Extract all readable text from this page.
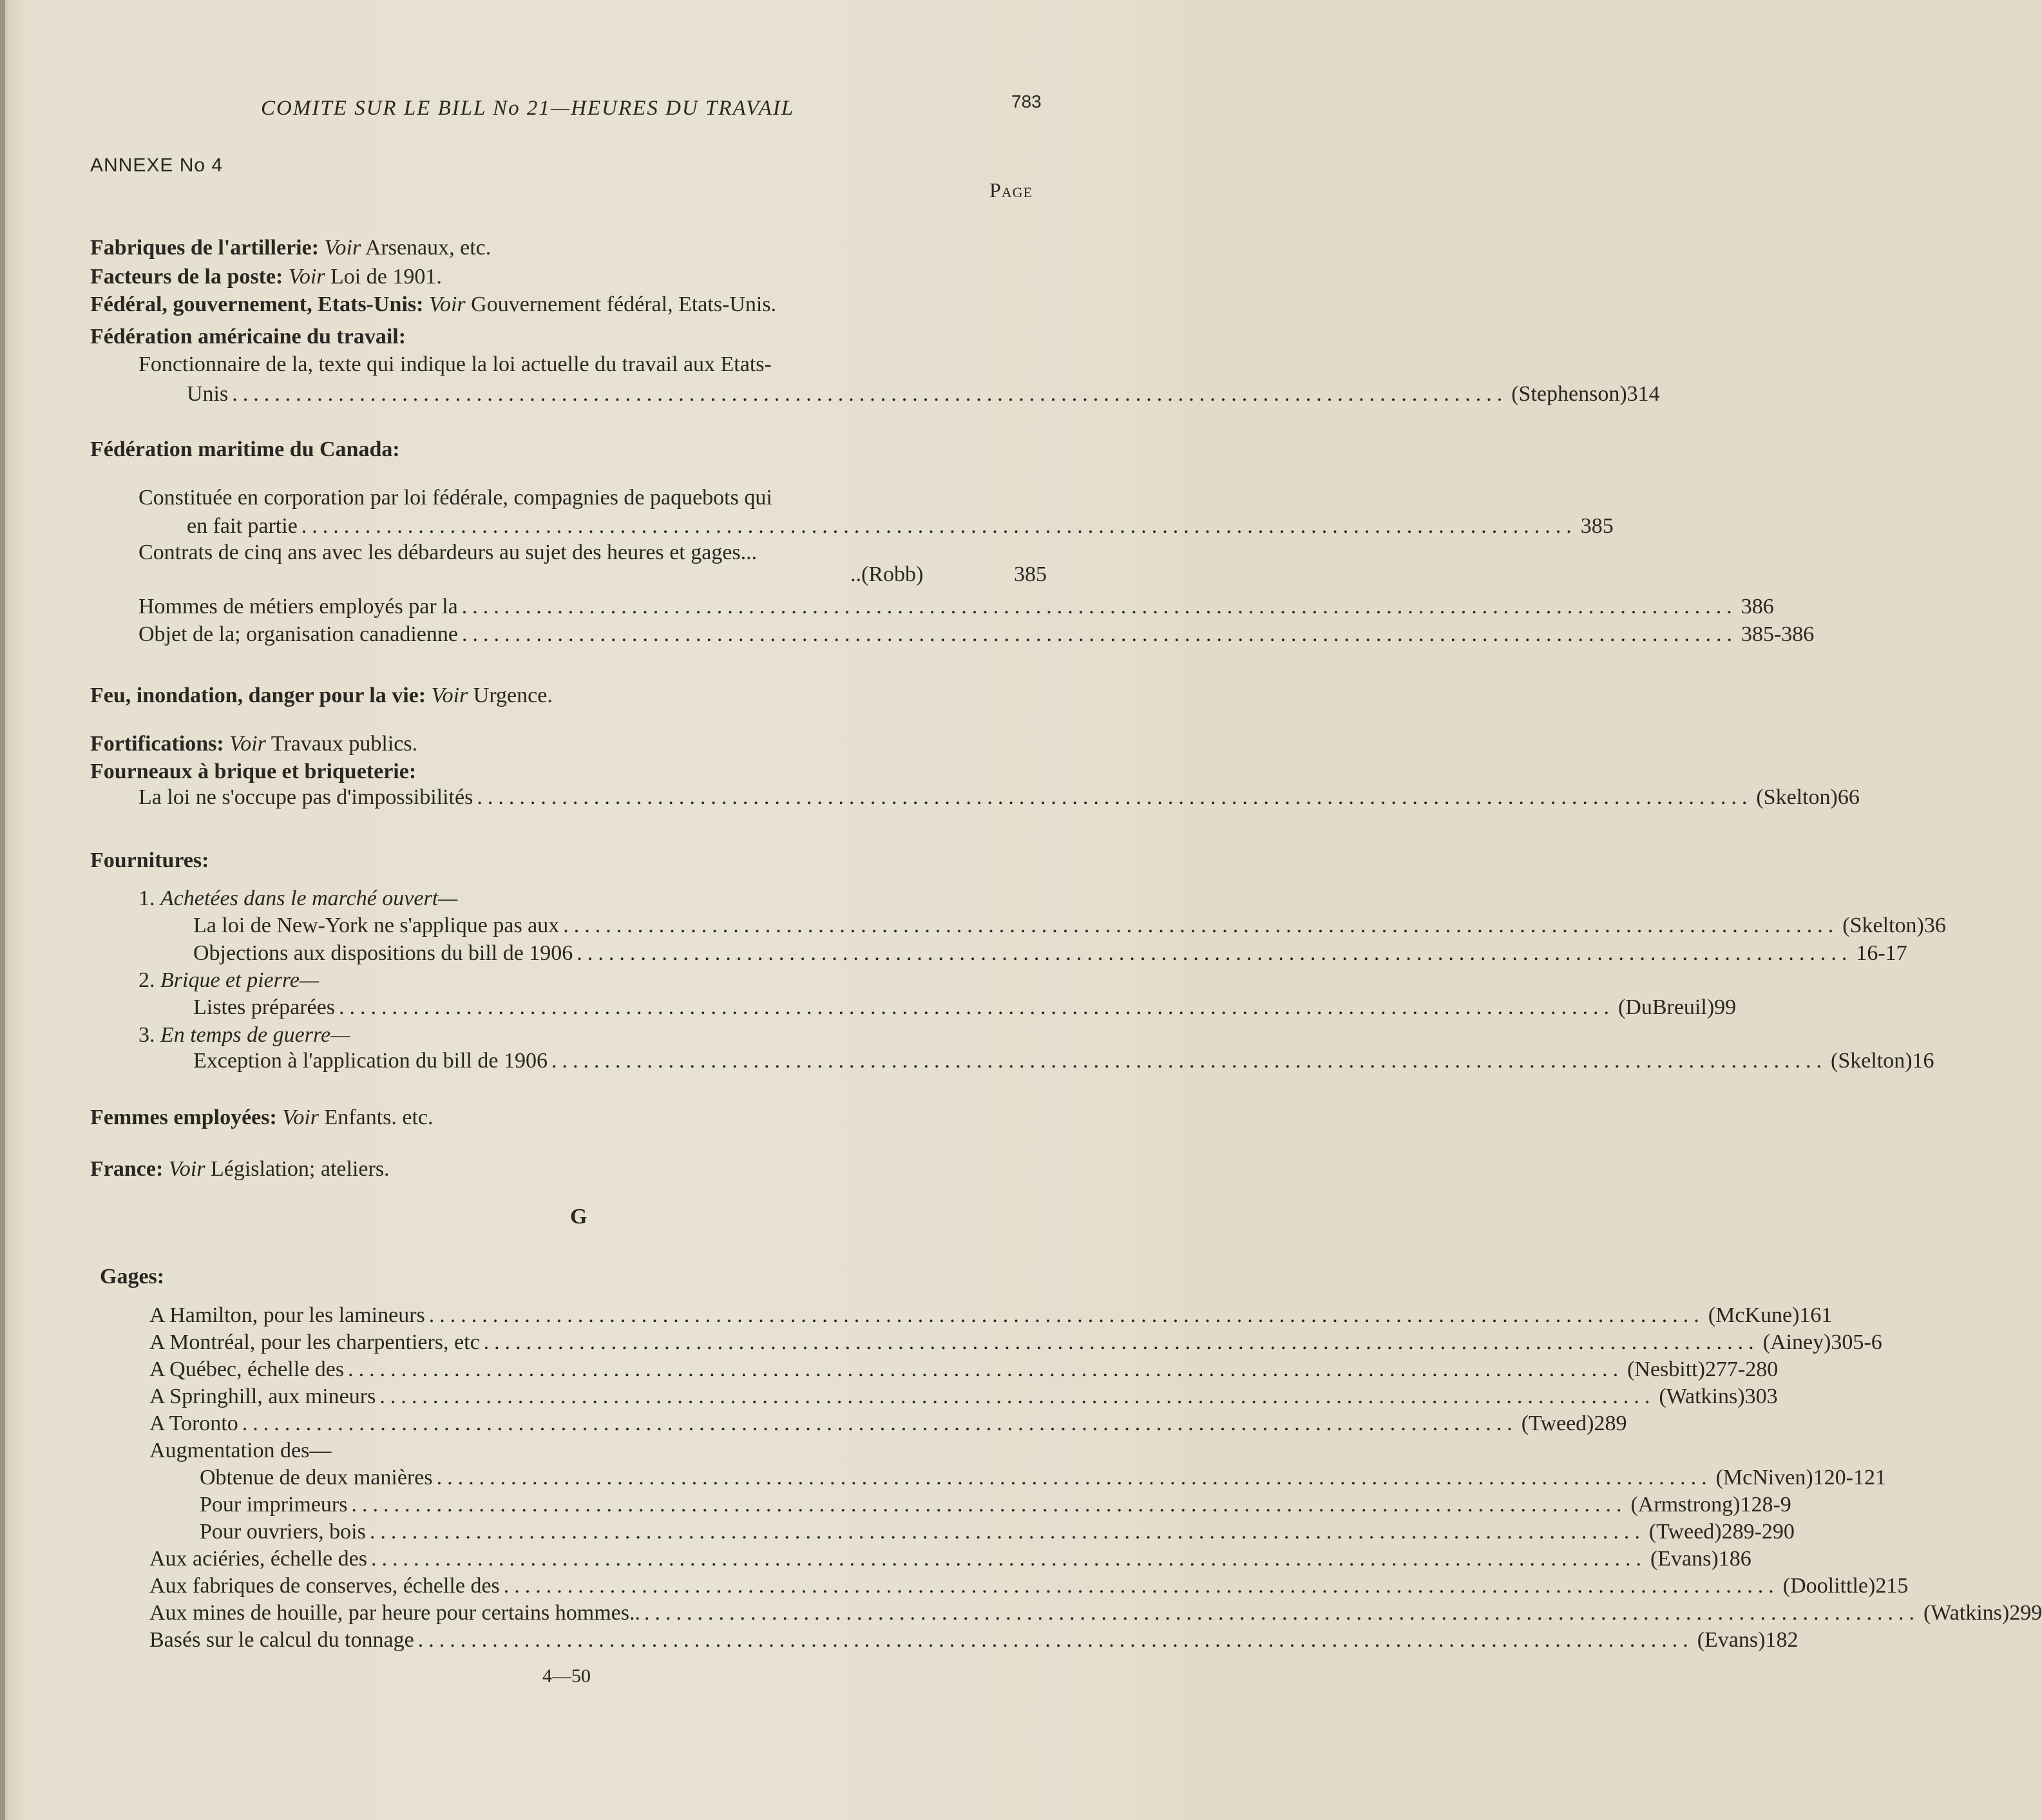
COMITE SUR LE BILL No 21—HEURES DU TRAVAIL	783
ANNEXE No 4
Page
Fabriques de l'artillerie: Voir Arsenaux, etc.
Facteurs de la poste: Voir Loi de 1901.
Fédéral, gouvernement, Etats-Unis: Voir Gouvernement fédéral, Etats-Unis.
Fédération américaine du travail:
Fonctionnaire de la, texte qui indique la loi actuelle du travail aux Etats-
Unis ........................................................................................................................ (Stephenson) 314
Fédération maritime du Canada:
Constituée en corporation par loi fédérale, compagnies de paquebots qui
en fait partie ........................................................................................................................ 385
Contrats de cinq ans avec les débardeurs au sujet des heures et gages...
..(Robb)	385
Hommes de métiers employés par la ........................................................................................................................ 386
Objet de la; organisation canadienne ........................................................................................................................ 385-386
Feu, inondation, danger pour la vie: Voir Urgence.
Fortifications: Voir Travaux publics.
Fourneaux à brique et briqueterie:
La loi ne s'occupe pas d'impossibilités ........................................................................................................................ (Skelton) 66
Fournitures:
1. Achetées dans le marché ouvert—
La loi de New-York ne s'applique pas aux ........................................................................................................................ (Skelton) 36
Objections aux dispositions du bill de 1906 ........................................................................................................................ 16-17
2. Brique et pierre—
Listes préparées ........................................................................................................................ (DuBreuil) 99
3. En temps de guerre—
Exception à l'application du bill de 1906 ........................................................................................................................ (Skelton) 16
Femmes employées: Voir Enfants. etc.
France: Voir Législation; ateliers.
G
Gages:
A Hamilton, pour les lamineurs ........................................................................................................................ (McKune) 161
A Montréal, pour les charpentiers, etc ........................................................................................................................ (Ainey) 305-6
A Québec, échelle des ........................................................................................................................ (Nesbitt) 277-280
A Springhill, aux mineurs ........................................................................................................................ (Watkins) 303
A Toronto ........................................................................................................................ (Tweed) 289
Augmentation des—
Obtenue de deux manières ........................................................................................................................ (McNiven) 120-121
Pour imprimeurs ........................................................................................................................ (Armstrong) 128-9
Pour ouvriers, bois ........................................................................................................................ (Tweed) 289-290
Aux aciéries, échelle des ........................................................................................................................ (Evans) 186
Aux fabriques de conserves, échelle des ........................................................................................................................ (Doolittle) 215
Aux mines de houille, par heure pour certains hommes.. ........................................................................................................................ (Watkins) 299
Basés sur le calcul du tonnage ........................................................................................................................ (Evans) 182
4—50
